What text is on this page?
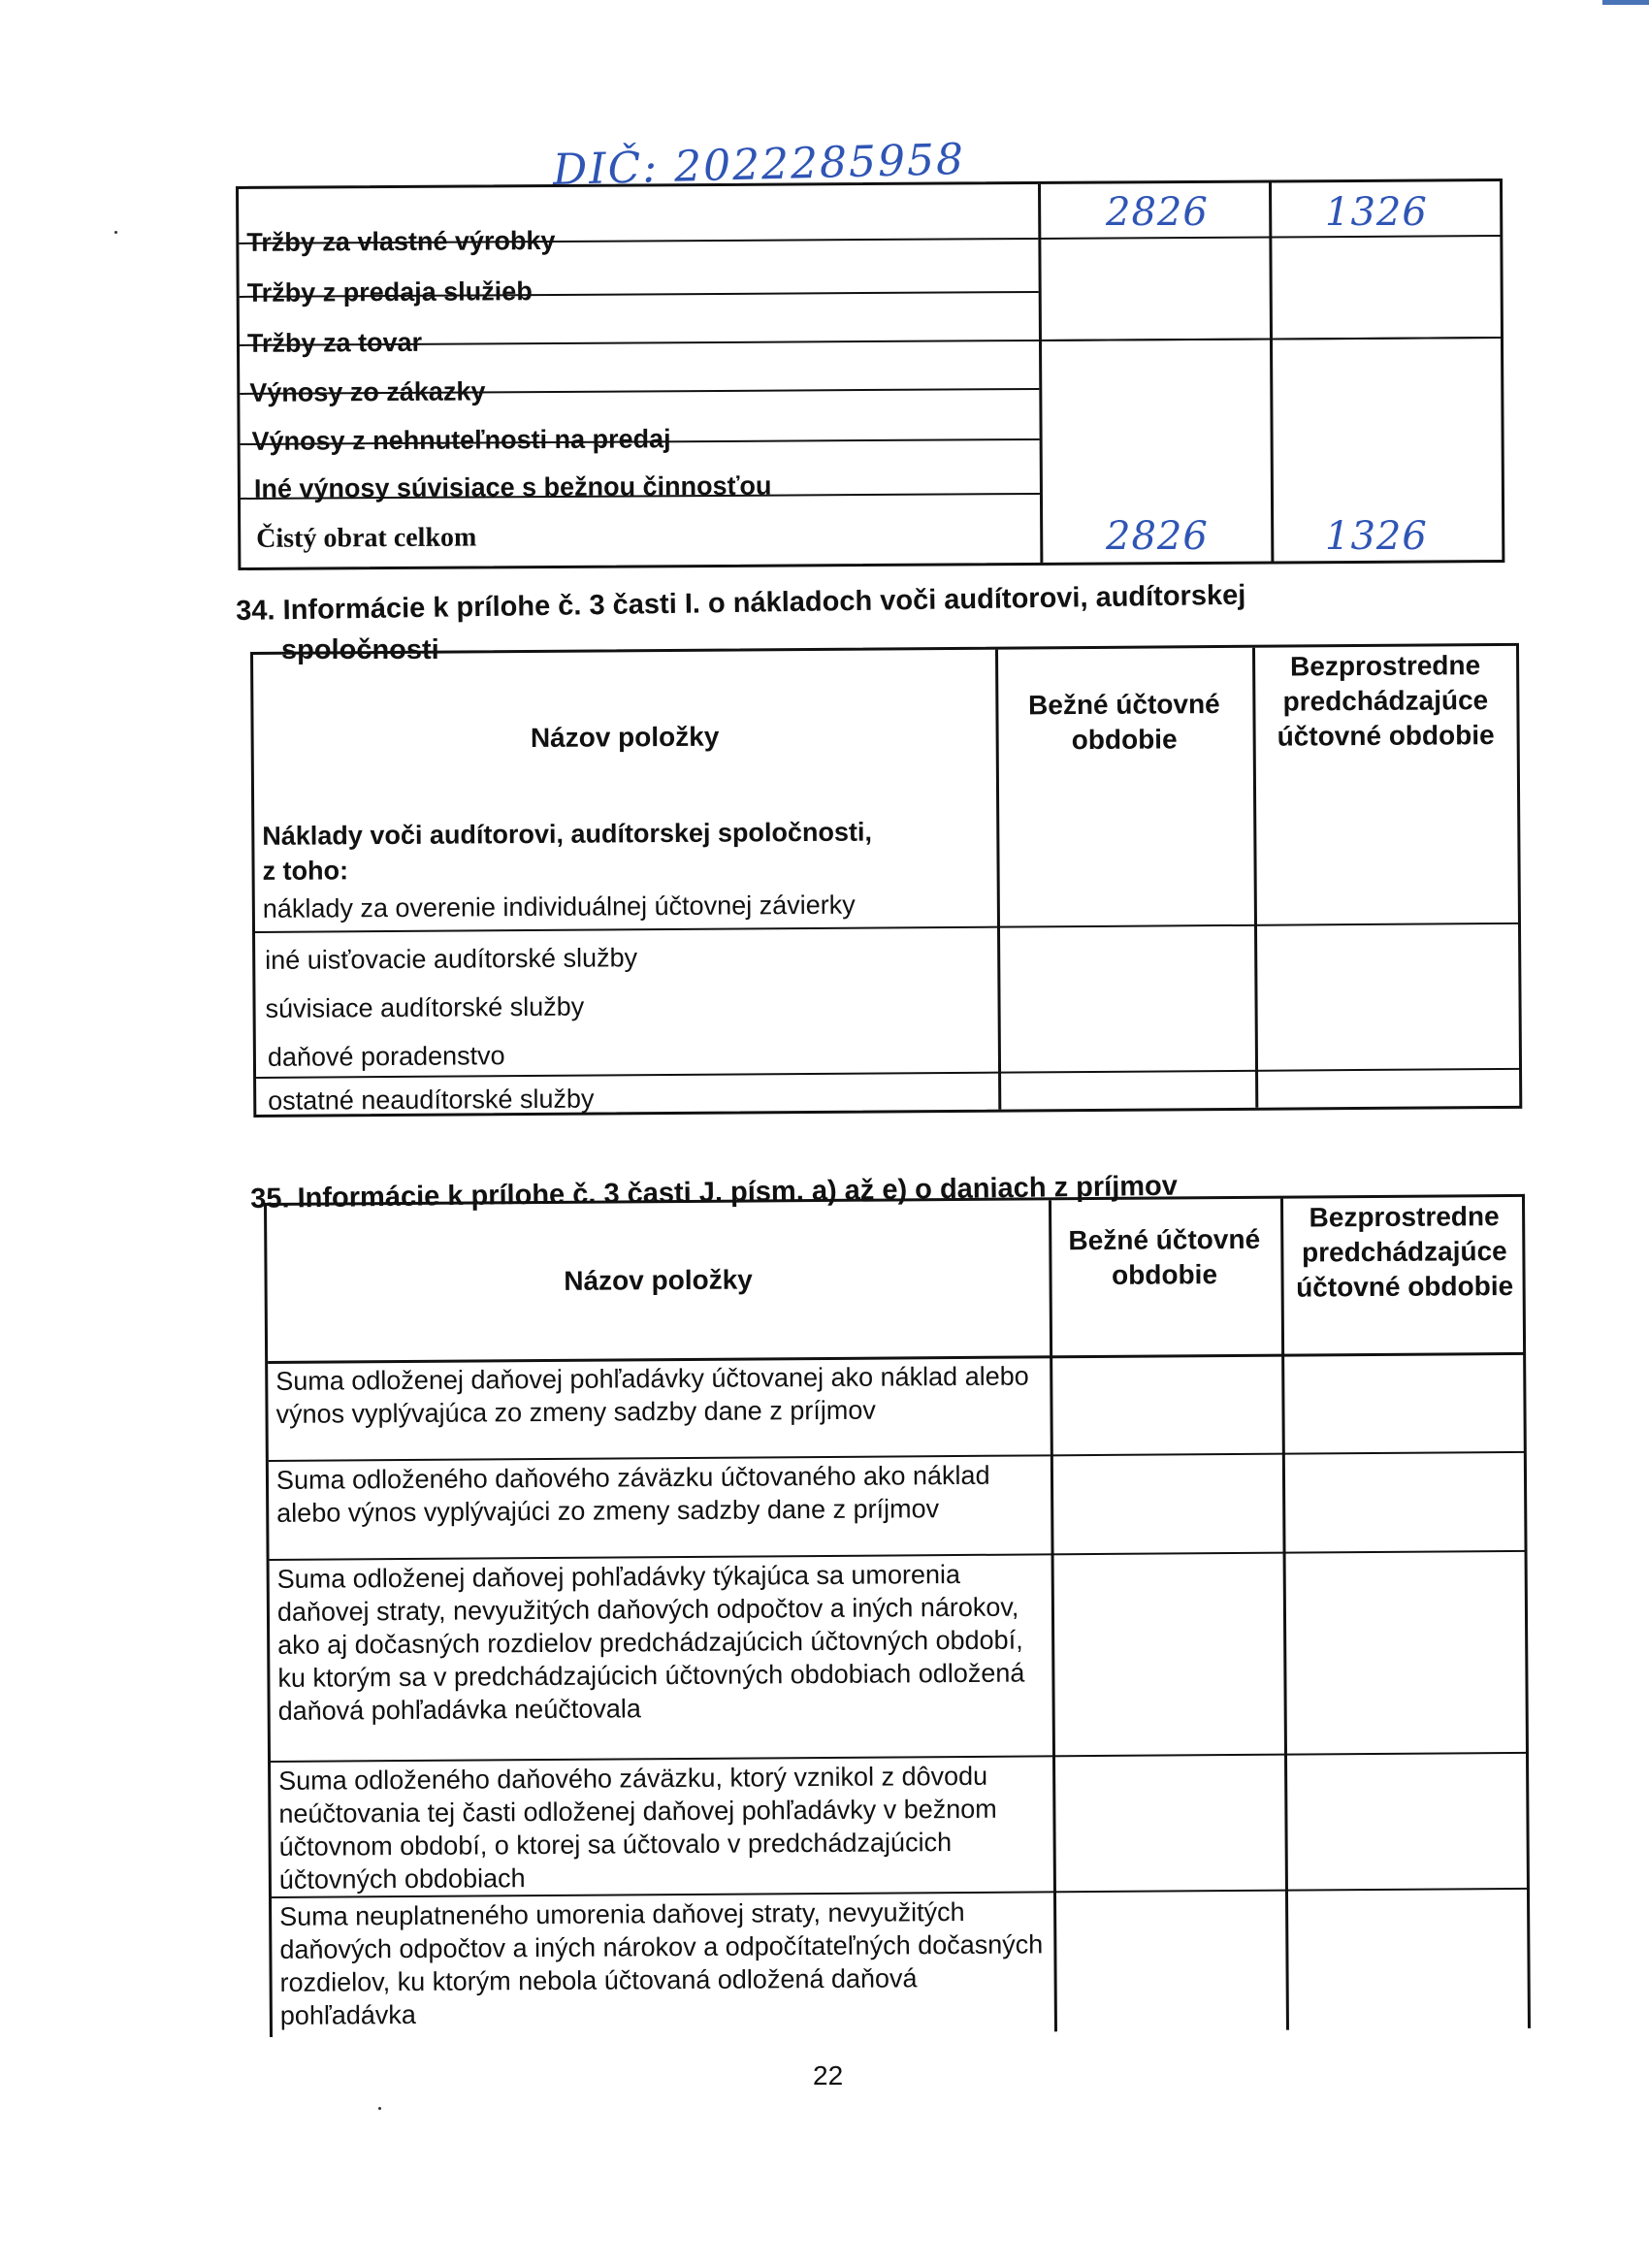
DIČ: 2022285958
Tržby za vlastné výrobky
Tržby z predaja služieb
Tržby za tovar
Výnosy zo zákazky
Výnosy z nehnuteľnosti na predaj
Iné výnosy súvisiace s bežnou činnosťou
Čistý obrat celkom
2826	1326
2826	1326
34. Informácie k prílohe č. 3 časti I. o nákladoch voči audítorovi, audítorskej
spoločnosti
Názov položky
Bežné účtovné obdobie
Bezprostredne predchádzajúce účtovné obdobie
Náklady voči audítorovi, audítorskej spoločnosti,
z toho:
náklady za overenie individuálnej účtovnej závierky
iné uisťovacie audítorské služby
súvisiace audítorské služby
daňové poradenstvo
ostatné neaudítorské služby
35. Informácie k prílohe č. 3 časti J. písm. a) až e) o daniach z príjmov
Názov položky
Bežné účtovné obdobie
Bezprostredne predchádzajúce účtovné obdobie
Suma odloženej daňovej pohľadávky účtovanej ako náklad alebo výnos vyplývajúca zo zmeny sadzby dane z príjmov
Suma odloženého daňového záväzku účtovaného ako náklad alebo výnos vyplývajúci zo zmeny sadzby dane z príjmov
Suma odloženej daňovej pohľadávky týkajúca sa umorenia daňovej straty, nevyužitých daňových odpočtov a iných nárokov, ako aj dočasných rozdielov predchádzajúcich účtovných období, ku ktorým sa v predchádzajúcich účtovných obdobiach odložená daňová pohľadávka neúčtovala
Suma odloženého daňového záväzku, ktorý vznikol z dôvodu neúčtovania tej časti odloženej daňovej pohľadávky v bežnom účtovnom období, o ktorej sa účtovalo v predchádzajúcich účtovných obdobiach
Suma neuplatneného umorenia daňovej straty, nevyužitých daňových odpočtov a iných nárokov a odpočítateľných dočasných rozdielov, ku ktorým nebola účtovaná odložená daňová pohľadávka
22
